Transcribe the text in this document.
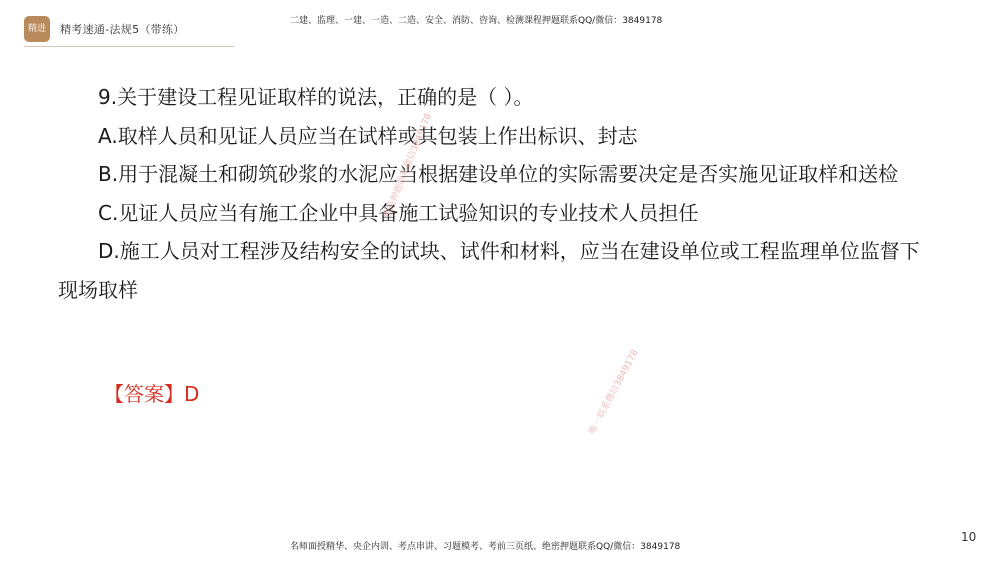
精进	精考速通-法规5（带练）
二建、监理、一建、一造、二造、安全、消防、咨询、检测课程押题联系QQ/微信：3849178

9.关于建设工程见证取样的说法，正确的是（ ）。

A.取样人员和见证人员应当在试样或其包装上作出标识、封志

B.用于混凝土和砌筑砂浆的水泥应当根据建设单位的实际需要决定是否实施见证取样和送检

C.见证人员应当有施工企业中具备施工试验知识的专业技术人员担任

D.施工人员对工程涉及结构安全的试块、试件和材料，应当在建设单位或工程监理单位监督下现场取样

【答案】D
精进押题联系微信3849178
唯一联系微信3849178
名师面授精华、央企内训、考点串讲、习题模考、考前三页纸、绝密押题联系QQ/微信：3849178
10
